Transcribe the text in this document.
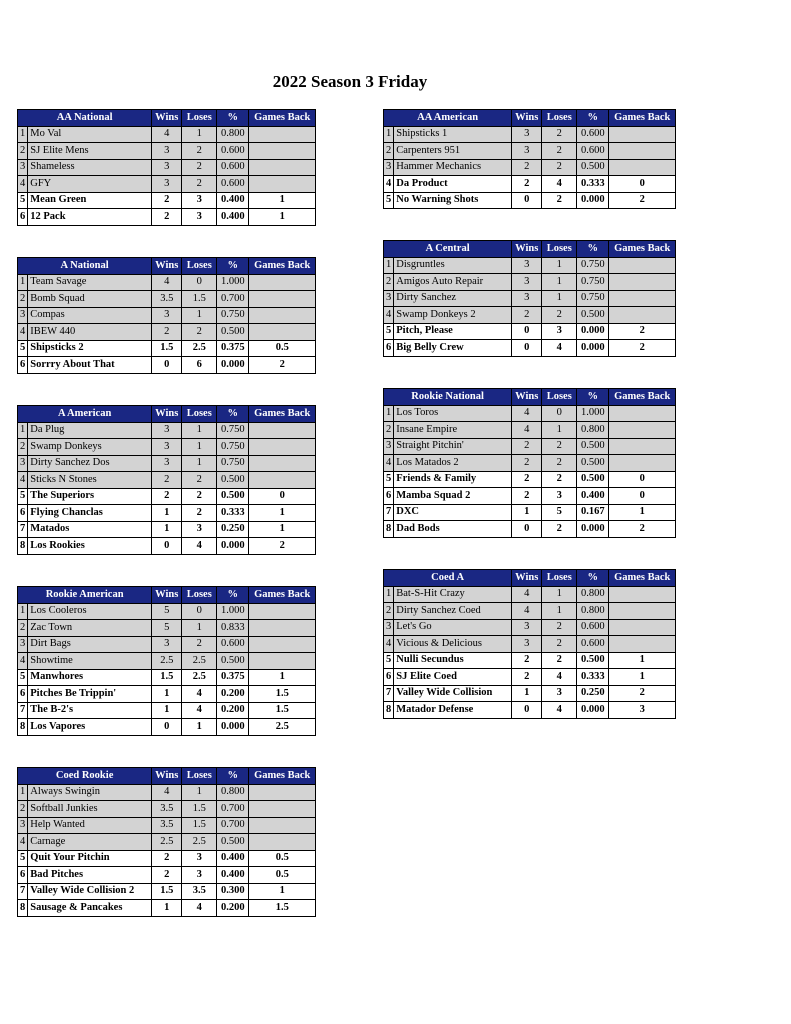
2022 Season 3 Friday
AA National		Wins	Loses	%	Games Back
1	Mo Val	4	1	0.800	
2	SJ Elite Mens	3	2	0.600	
3	Shameless	3	2	0.600	
4	GFY	3	2	0.600	
5	Mean Green	2	3	0.400	1
6	12 Pack	2	3	0.400	1
A National		Wins	Loses	%	Games Back
1	Team Savage	4	0	1.000	
2	Bomb Squad	3.5	1.5	0.700	
3	Compas	3	1	0.750	
4	IBEW 440	2	2	0.500	
5	Shipsticks 2	1.5	2.5	0.375	0.5
6	Sorrry About That	0	6	0.000	2
A American		Wins	Loses	%	Games Back
1	Da Plug	3	1	0.750	
2	Swamp Donkeys	3	1	0.750	
3	Dirty Sanchez Dos	3	1	0.750	
4	Sticks N Stones	2	2	0.500	
5	The Superiors	2	2	0.500	0
6	Flying Chanclas	1	2	0.333	1
7	Matados	1	3	0.250	1
8	Los Rookies	0	4	0.000	2
Rookie American		Wins	Loses	%	Games Back
1	Los Cooleros	5	0	1.000	
2	Zac Town	5	1	0.833	
3	Dirt Bags	3	2	0.600	
4	Showtime	2.5	2.5	0.500	
5	Manwhores	1.5	2.5	0.375	1
6	Pitches Be Trippin'	1	4	0.200	1.5
7	The B-2's	1	4	0.200	1.5
8	Los Vapores	0	1	0.000	2.5
Coed Rookie		Wins	Loses	%	Games Back
1	Always Swingin	4	1	0.800	
2	Softball Junkies	3.5	1.5	0.700	
3	Help Wanted	3.5	1.5	0.700	
4	Carnage	2.5	2.5	0.500	
5	Quit Your Pitchin	2	3	0.400	0.5
6	Bad Pitches	2	3	0.400	0.5
7	Valley Wide Collision 2	1.5	3.5	0.300	1
8	Sausage & Pancakes	1	4	0.200	1.5
AA American		Wins	Loses	%	Games Back
1	Shipsticks 1	3	2	0.600	
2	Carpenters 951	3	2	0.600	
3	Hammer Mechanics	2	2	0.500	
4	Da Product	2	4	0.333	0
5	No Warning Shots	0	2	0.000	2
A Central		Wins	Loses	%	Games Back
1	Disgruntles	3	1	0.750	
2	Amigos Auto Repair	3	1	0.750	
3	Dirty Sanchez	3	1	0.750	
4	Swamp Donkeys 2	2	2	0.500	
5	Pitch, Please	0	3	0.000	2
6	Big Belly Crew	0	4	0.000	2
Rookie National		Wins	Loses	%	Games Back
1	Los Toros	4	0	1.000	
2	Insane Empire	4	1	0.800	
3	Straight Pitchin'	2	2	0.500	
4	Los Matados 2	2	2	0.500	
5	Friends & Family	2	2	0.500	0
6	Mamba Squad 2	2	3	0.400	0
7	DXC	1	5	0.167	1
8	Dad Bods	0	2	0.000	2
Coed A		Wins	Loses	%	Games Back
1	Bat-S-Hit Crazy	4	1	0.800	
2	Dirty Sanchez Coed	4	1	0.800	
3	Let's Go	3	2	0.600	
4	Vicious & Delicious	3	2	0.600	
5	Nulli Secundus	2	2	0.500	1
6	SJ Elite Coed	2	4	0.333	1
7	Valley Wide Collision	1	3	0.250	2
8	Matador Defense	0	4	0.000	3
